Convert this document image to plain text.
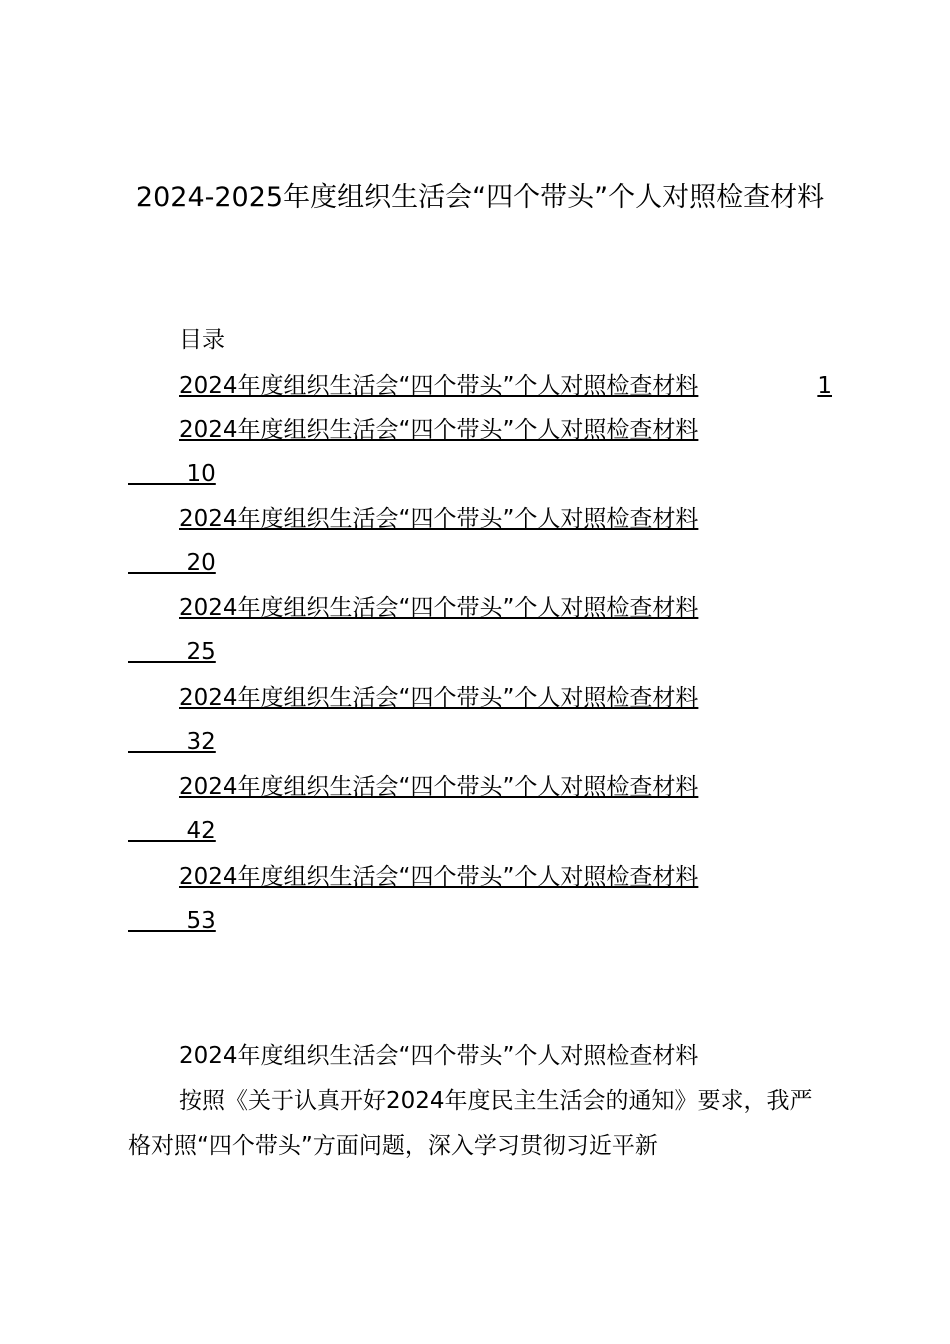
2024-2025年度组织生活会“四个带头”个人对照检查材料
目录
2024年度组织生活会“四个带头”个人对照检查材料	1
2024年度组织生活会“四个带头”个人对照检查材料
10
2024年度组织生活会“四个带头”个人对照检查材料
20
2024年度组织生活会“四个带头”个人对照检查材料
25
2024年度组织生活会“四个带头”个人对照检查材料
32
2024年度组织生活会“四个带头”个人对照检查材料
42
2024年度组织生活会“四个带头”个人对照检查材料
53
2024年度组织生活会“四个带头”个人对照检查材料

按照《关于认真开好2024年度民主生活会的通知》要求，我严格对照“四个带头”方面问题，深入学习贯彻习近平新
